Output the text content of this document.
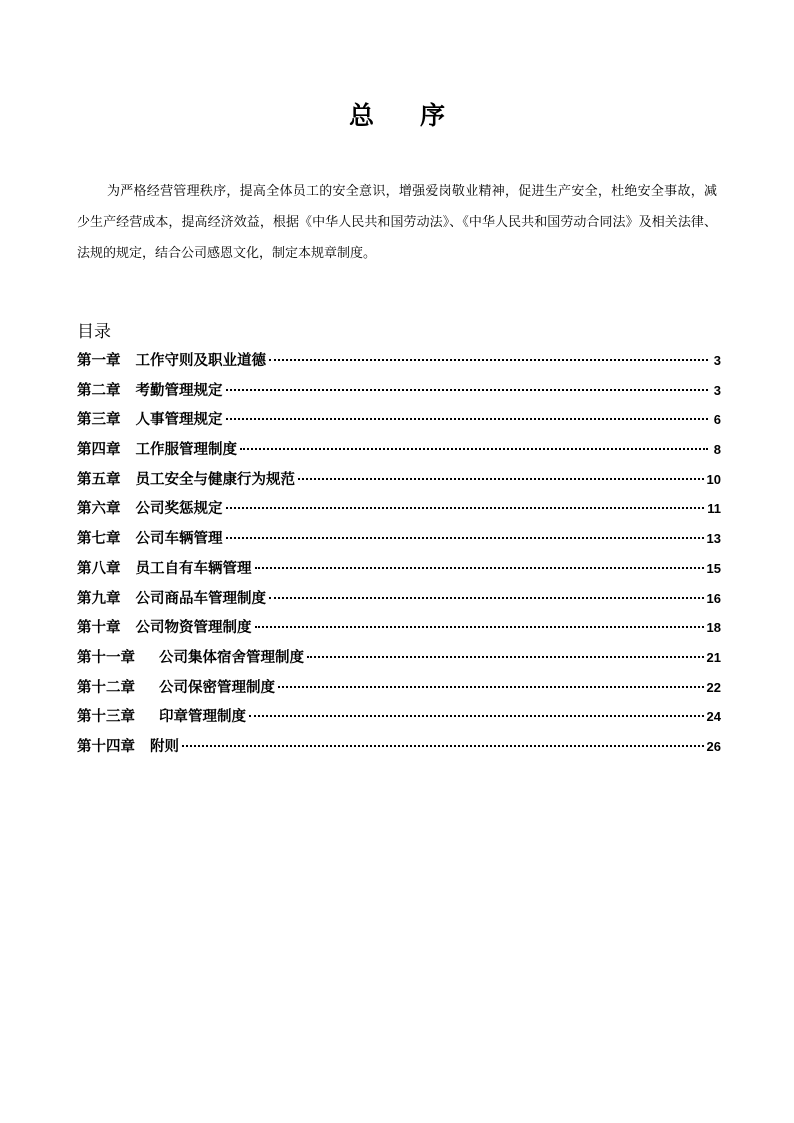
总 序

为严格经营管理秩序，提高全体员工的安全意识，增强爱岗敬业精神，促进生产安全，杜绝安全事故，减少生产经营成本，提高经济效益，根据《中华人民共和国劳动法》、《中华人民共和国劳动合同法》及相关法律、法规的规定，结合公司感恩文化，制定本规章制度。

目录
第一章 工作守则及职业道德	3
第二章 考勤管理规定	3
第三章 人事管理规定	6
第四章 工作服管理制度	8
第五章 员工安全与健康行为规范	10
第六章 公司奖惩规定	11
第七章 公司车辆管理	13
第八章 员工自有车辆管理	15
第九章 公司商品车管理制度	16
第十章 公司物资管理制度	18
第十一章 公司集体宿舍管理制度	21
第十二章 公司保密管理制度	22
第十三章 印章管理制度	24
第十四章 附则	26
